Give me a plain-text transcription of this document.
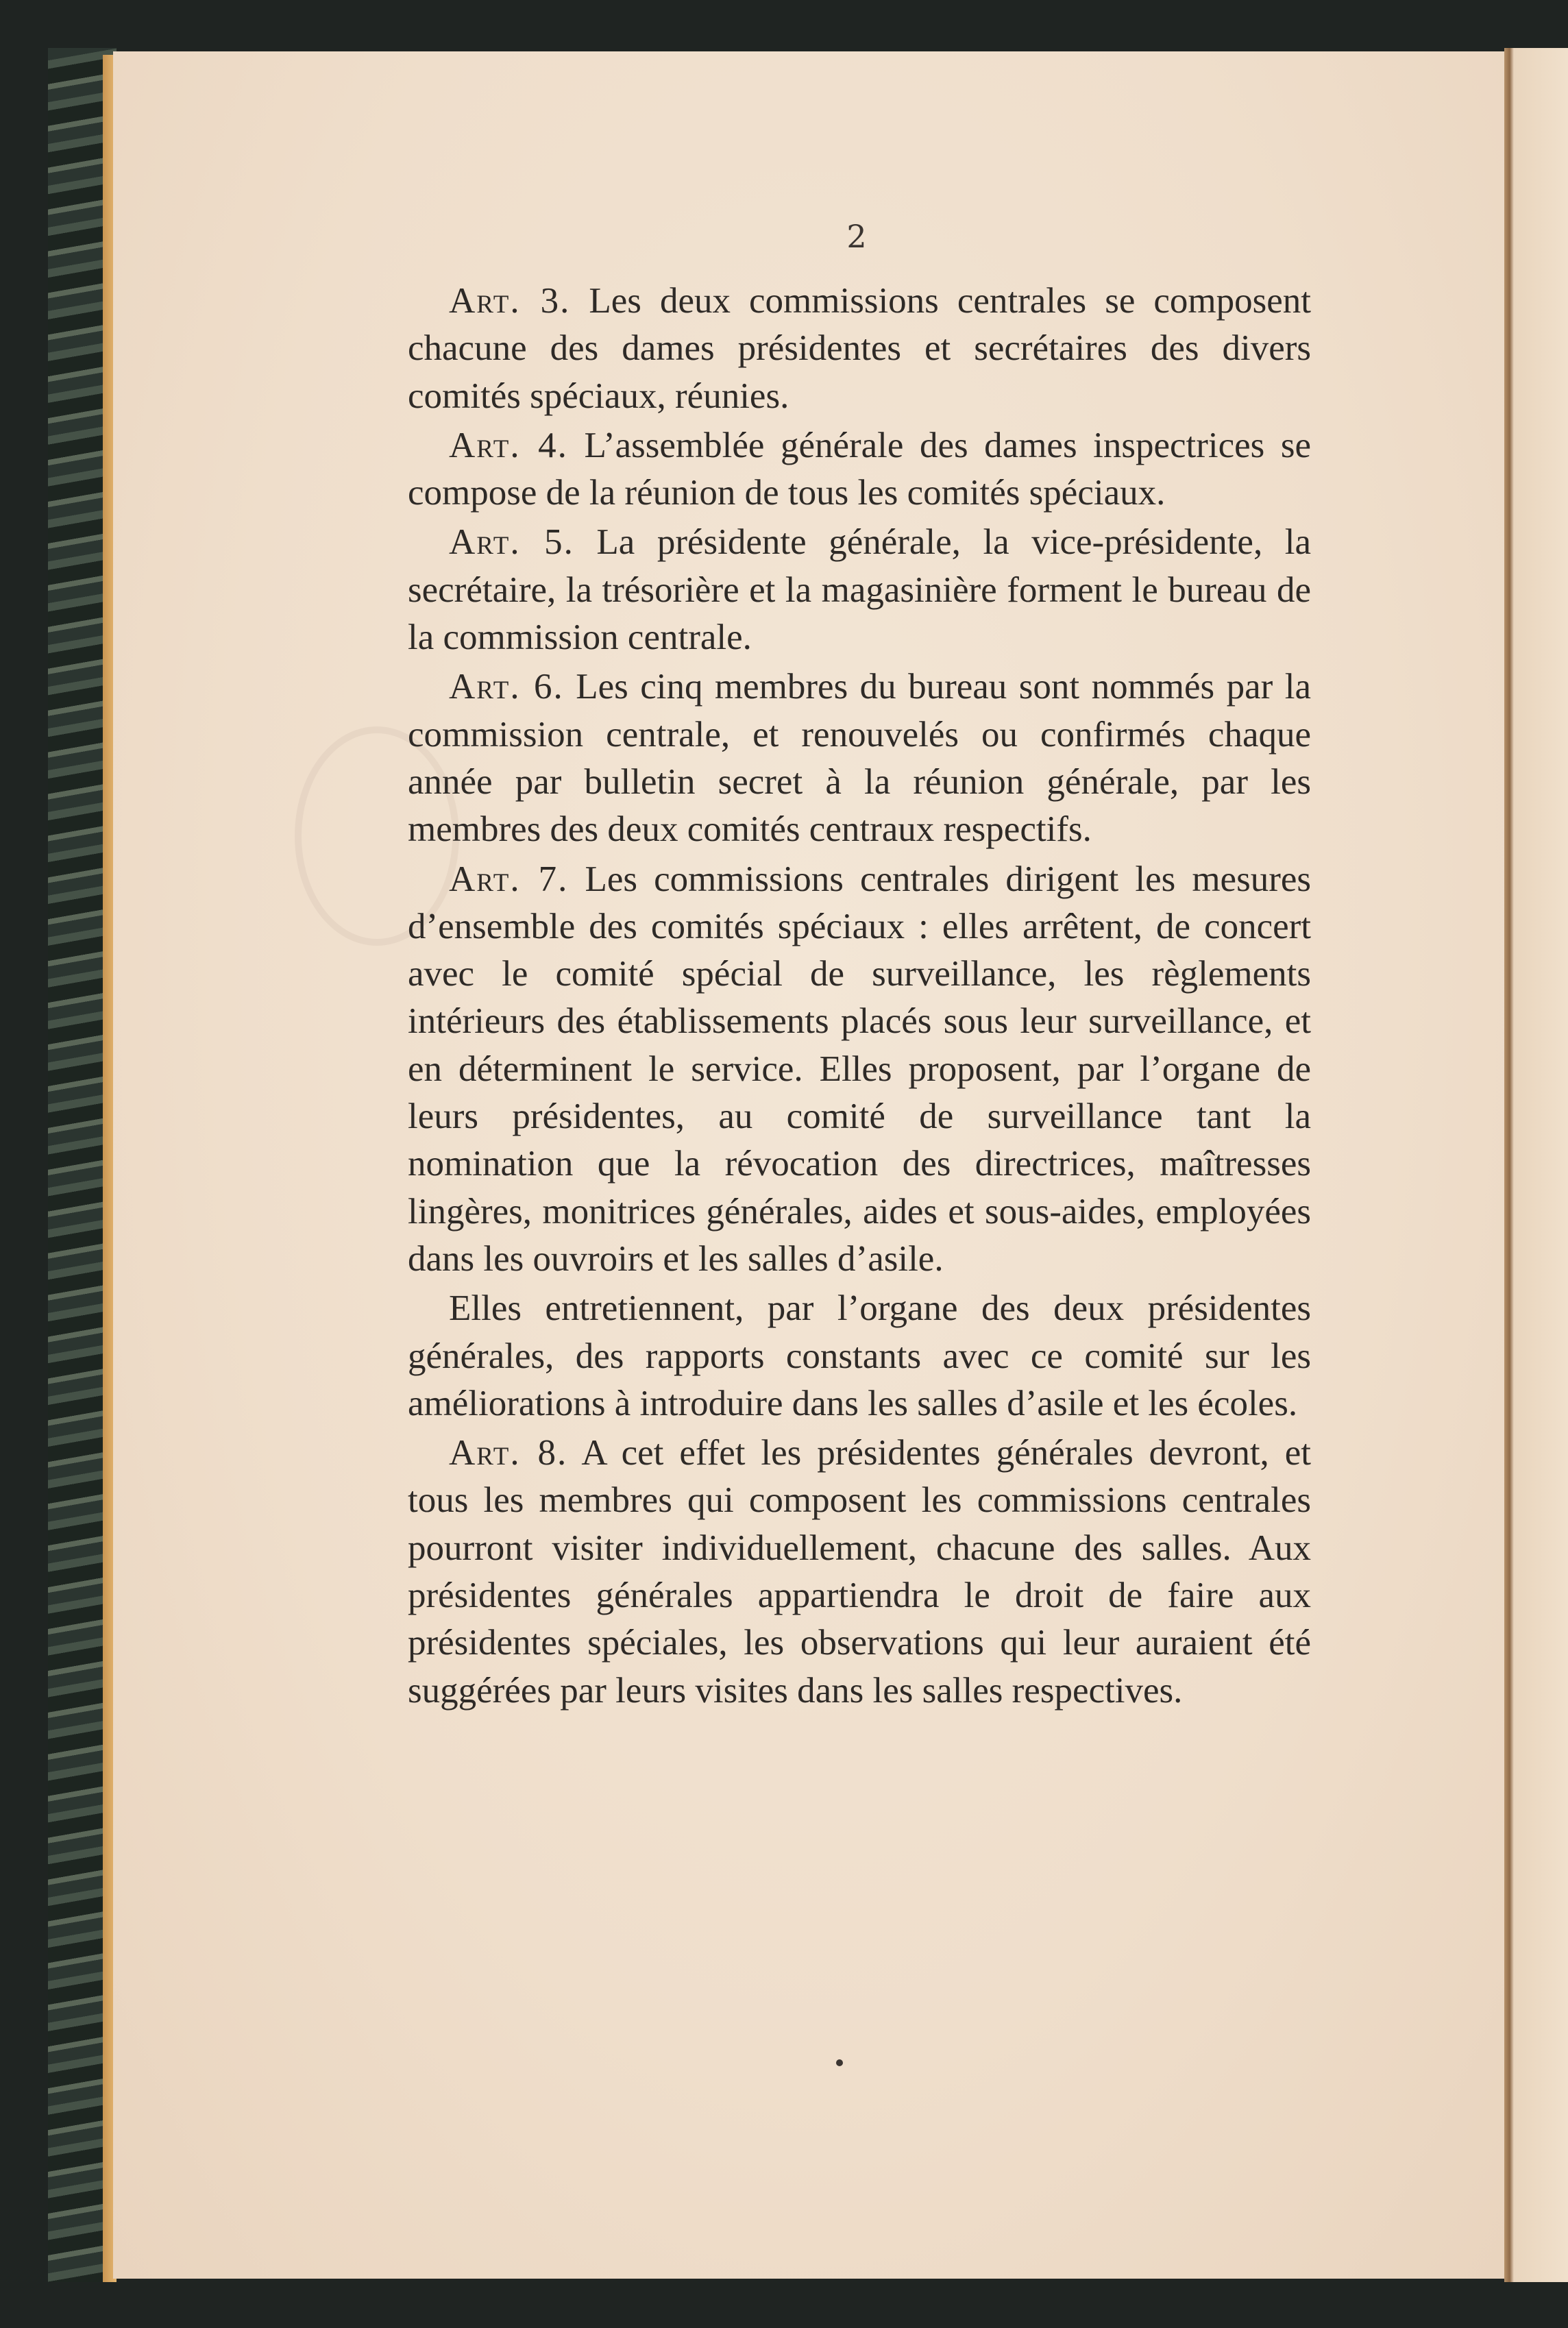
2

Art. 3. Les deux commissions centrales se composent chacune des dames présidentes et secrétaires des divers comités spéciaux, réunies.

Art. 4. L’assemblée générale des dames inspectrices se compose de la réunion de tous les comités spéciaux.

Art. 5. La présidente générale, la vice-présidente, la secrétaire, la trésorière et la magasinière forment le bureau de la commission centrale.

Art. 6. Les cinq membres du bureau sont nommés par la commission centrale, et renouvelés ou confirmés chaque année par bulletin secret à la réunion générale, par les membres des deux comités centraux respectifs.

Art. 7. Les commissions centrales dirigent les mesures d’ensemble des comités spéciaux : elles arrêtent, de concert avec le comité spécial de surveillance, les règlements intérieurs des établissements placés sous leur surveillance, et en déterminent le service. Elles proposent, par l’organe de leurs présidentes, au comité de surveillance tant la nomination que la révocation des directrices, maîtresses lingères, monitrices générales, aides et sous-aides, employées dans les ouvroirs et les salles d’asile.

Elles entretiennent, par l’organe des deux présidentes générales, des rapports constants avec ce comité sur les améliorations à introduire dans les salles d’asile et les écoles.

Art. 8. A cet effet les présidentes générales devront, et tous les membres qui composent les commissions centrales pourront visiter individuellement, chacune des salles. Aux présidentes générales appartiendra le droit de faire aux présidentes spéciales, les observations qui leur auraient été suggérées par leurs visites dans les salles respectives.
